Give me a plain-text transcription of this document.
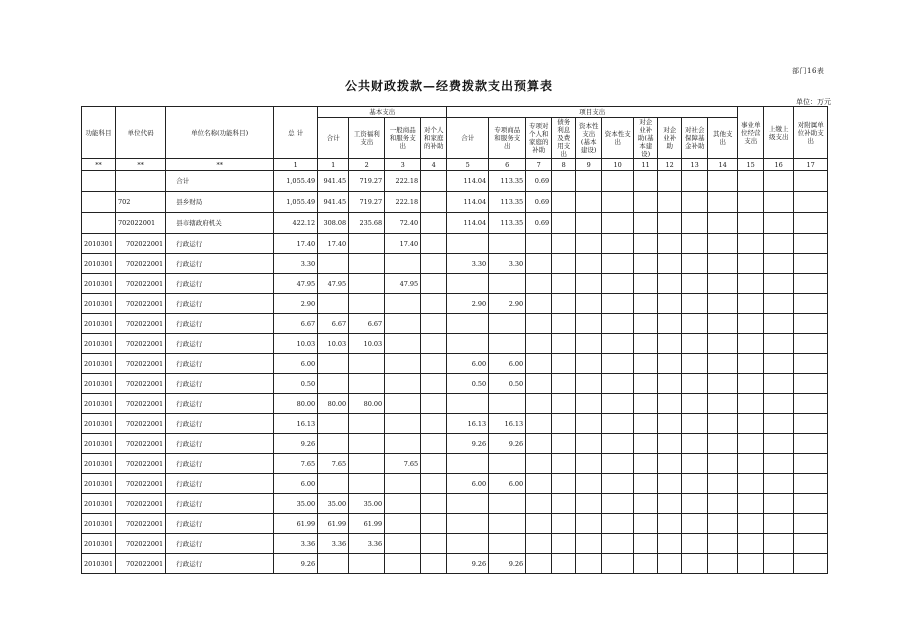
部门16表
公共财政拨款—经费拨款支出预算表
单位：万元
功能科目	单位代码	单位名称(功能科目)	总 计	基本支出				项目支出										事业单位经营支出	上缴上级支出	对附属单位补助支出
				合计	工资福利支出	一般商品和服务支出	对个人和家庭的补助	合计	专项商品和服务支出	专项对个人和家庭的补助	债务利息及费用支出	资本性支出(基本建设)	资本性支出	对企业补助(基本建设)	对企业补助	对社会保障基金补助	其他支出			
**	**	**	1	1	2	3	4	5	6	7	8	9	10	11	12	13	14	15	16	17
		合计	1,055.49	941.45	719.27	222.18		114.04	113.35	0.69										
	702	县乡财局	1,055.49	941.45	719.27	222.18		114.04	113.35	0.69										
	702022001	县市辖政府机关	422.12	308.08	235.68	72.40		114.04	113.35	0.69										
2010301	702022001	行政运行	17.40	17.40		17.40														
2010301	702022001	行政运行	3.30					3.30	3.30											
2010301	702022001	行政运行	47.95	47.95		47.95														
2010301	702022001	行政运行	2.90					2.90	2.90											
2010301	702022001	行政运行	6.67	6.67	6.67															
2010301	702022001	行政运行	10.03	10.03	10.03															
2010301	702022001	行政运行	6.00					6.00	6.00											
2010301	702022001	行政运行	0.50					0.50	0.50											
2010301	702022001	行政运行	80.00	80.00	80.00															
2010301	702022001	行政运行	16.13					16.13	16.13											
2010301	702022001	行政运行	9.26					9.26	9.26											
2010301	702022001	行政运行	7.65	7.65		7.65														
2010301	702022001	行政运行	6.00					6.00	6.00											
2010301	702022001	行政运行	35.00	35.00	35.00															
2010301	702022001	行政运行	61.99	61.99	61.99															
2010301	702022001	行政运行	3.36	3.36	3.36															
2010301	702022001	行政运行	9.26					9.26	9.26											
